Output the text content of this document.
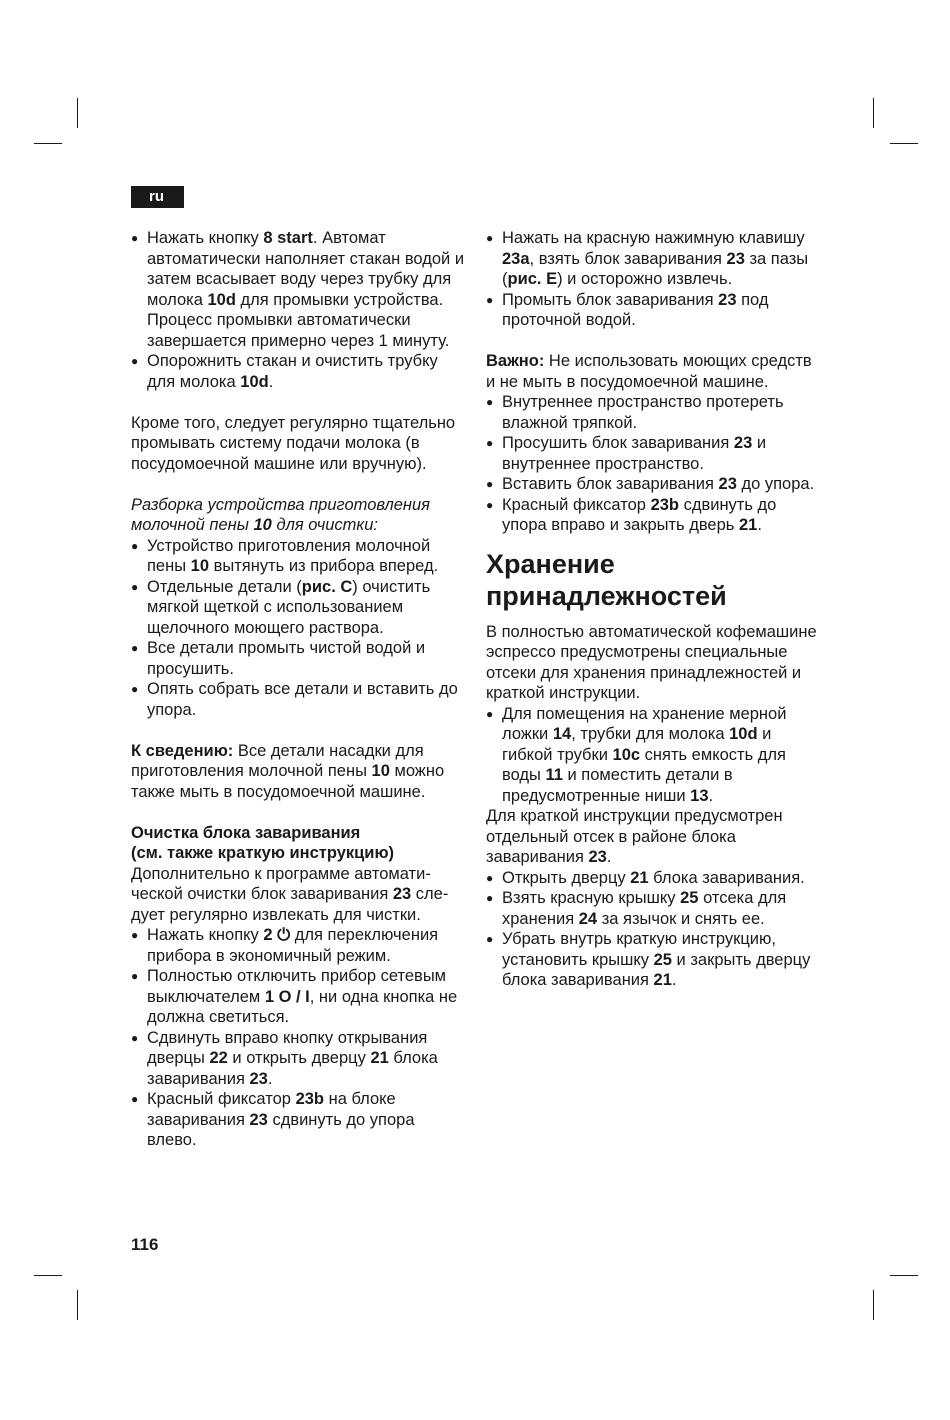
ru
● Нажать кнопку 8 start. Автомат автоматически наполняет стакан водой и затем всасывает воду через трубку для молока 10d для промывки устройства. Процесс промывки автоматически завершается примерно через 1 минуту.
● Опорожнить стакан и очистить трубку для молока 10d.

Кроме того, следует регулярно тщательно промывать систему подачи молока (в посудомоечной машине или вручную).

Разборка устройства приготовления молочной пены 10 для очистки:

● Устройство приготовления молочной пены 10 вытянуть из прибора вперед.
● Отдельные детали (рис. C) очистить мягкой щеткой с использованием щелочного моющего раствора.
● Все детали промыть чистой водой и просушить.
● Опять собрать все детали и вставить до упора.

К сведению: Все детали насадки для приготовления молочной пены 10 можно также мыть в посудомоечной машине.

Очистка блока заваривания
(см. также краткую инструкцию)

Дополнительно к программе автоматической очистки блок заваривания 23 следует регулярно извлекать для чистки.

● Нажать кнопку 2 ⏻ для переключения прибора в экономичный режим.
● Полностью отключить прибор сетевым выключателем 1 O / I, ни одна кнопка не должна светиться.
● Сдвинуть вправо кнопку открывания дверцы 22 и открыть дверцу 21 блока заваривания 23.
● Красный фиксатор 23b на блоке заваривания 23 сдвинуть до упора влево.
● Нажать на красную нажимную клавишу 23a, взять блок заваривания 23 за пазы (рис. E) и осторожно извлечь.
● Промыть блок заваривания 23 под проточной водой.

Важно: Не использовать моющих средств и не мыть в посудомоечной машине.

● Внутреннее пространство протереть влажной тряпкой.
● Просушить блок заваривания 23 и внутреннее пространство.
● Вставить блок заваривания 23 до упора.
● Красный фиксатор 23b сдвинуть до упора вправо и закрыть дверь 21.
Хранение
принадлежностей

В полностью автоматической кофемашине эспрессо предусмотрены специальные отсеки для хранения принадлежностей и краткой инструкции.

● Для помещения на хранение мерной ложки 14, трубки для молока 10d и гибкой трубки 10c снять емкость для воды 11 и поместить детали в предусмотренные ниши 13.

Для краткой инструкции предусмотрен отдельный отсек в районе блока заваривания 23.

● Открыть дверцу 21 блока заваривания.
● Взять красную крышку 25 отсека для хранения 24 за язычок и снять ее.
● Убрать внутрь краткую инструкцию, установить крышку 25 и закрыть дверцу блока заваривания 21.
116
